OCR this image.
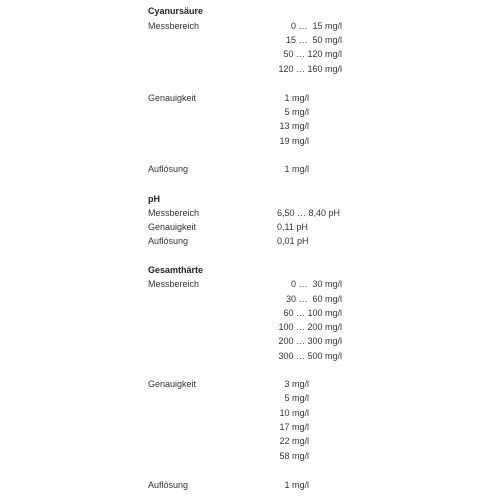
Cyanursäure
Messbereich	0 …  15 mg/l
15 …  50 mg/l
50 … 120 mg/l
120 … 160 mg/l
Genauigkeit	1 mg/l
5 mg/l
13 mg/l
19 mg/l
Auflösung	1 mg/l
pH
Messbereich	6,50 … 8,40 pH
Genauigkeit	0,11 pH
Auflösung	0,01 pH
Gesamthärte
Messbereich	0 …  30 mg/l
30 …  60 mg/l
60 … 100 mg/l
100 … 200 mg/l
200 … 300 mg/l
300 … 500 mg/l
Genauigkeit	3 mg/l
5 mg/l
10 mg/l
17 mg/l
22 mg/l
58 mg/l
Auflösung	1 mg/l
